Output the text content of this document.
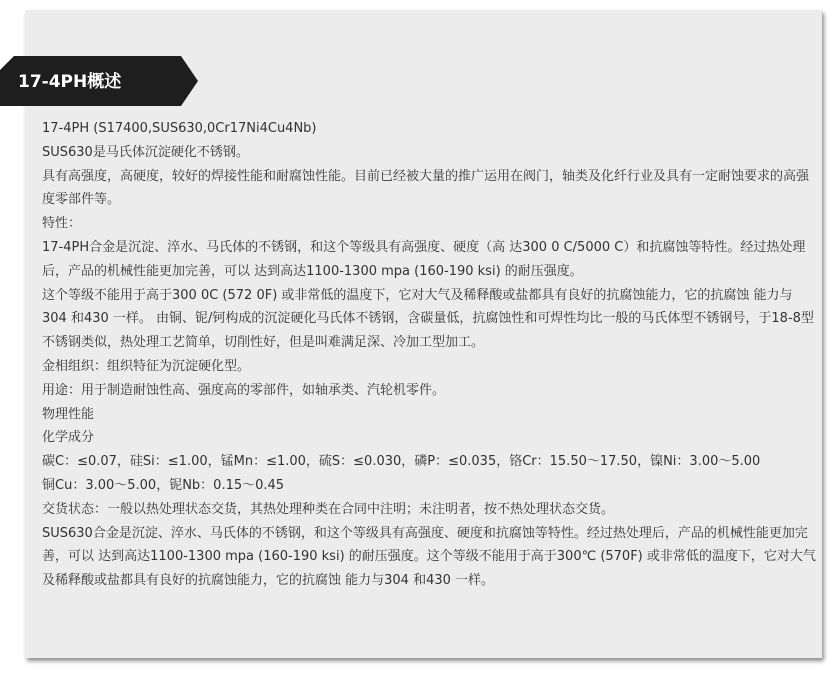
17-4PH概述

17-4PH (S17400,SUS630,0Cr17Ni4Cu4Nb)

SUS630是马氏体沉淀硬化不锈钢。

具有高强度，高硬度，较好的焊接性能和耐腐蚀性能。目前已经被大量的推广运用在阀门，轴类及化纤行业及具有一定耐蚀要求的高强度零部件等。

特性：

17-4PH合金是沉淀、淬水、马氏体的不锈钢，和这个等级具有高强度、硬度（高 达300 0 C/5000 C）和抗腐蚀等特性。经过热处理后，产品的机械性能更加完善，可以 达到高达1100-1300 mpa (160-190 ksi) 的耐压强度。

这个等级不能用于高于300 0C (572 0F) 或非常低的温度下，它对大气及稀释酸或盐都具有良好的抗腐蚀能力，它的抗腐蚀 能力与304 和430 一样。 由铜、铌/钶构成的沉淀硬化马氏体不锈钢，含碳量低，抗腐蚀性和可焊性均比一般的马氏体型不锈钢号，于18-8型不锈钢类似，热处理工艺简单，切削性好，但是叫难满足深、冷加工型加工。

金相组织：组织特征为沉淀硬化型。

用途：用于制造耐蚀性高、强度高的零部件，如轴承类、汽轮机零件。

物理性能

化学成分

碳C：≤0.07，硅Si：≤1.00，锰Mn：≤1.00，硫S：≤0.030，磷P：≤0.035，铬Cr：15.50～17.50，镍Ni：3.00～5.00

铜Cu：3.00～5.00，铌Nb：0.15～0.45

交货状态：一般以热处理状态交货，其热处理种类在合同中注明；未注明者，按不热处理状态交货。

SUS630合金是沉淀、淬水、马氏体的不锈钢，和这个等级具有高强度、硬度和抗腐蚀等特性。经过热处理后，产品的机械性能更加完善，可以 达到高达1100-1300 mpa (160-190 ksi) 的耐压强度。这个等级不能用于高于300℃ (570F) 或非常低的温度下，它对大气及稀释酸或盐都具有良好的抗腐蚀能力，它的抗腐蚀 能力与304 和430 一样。
